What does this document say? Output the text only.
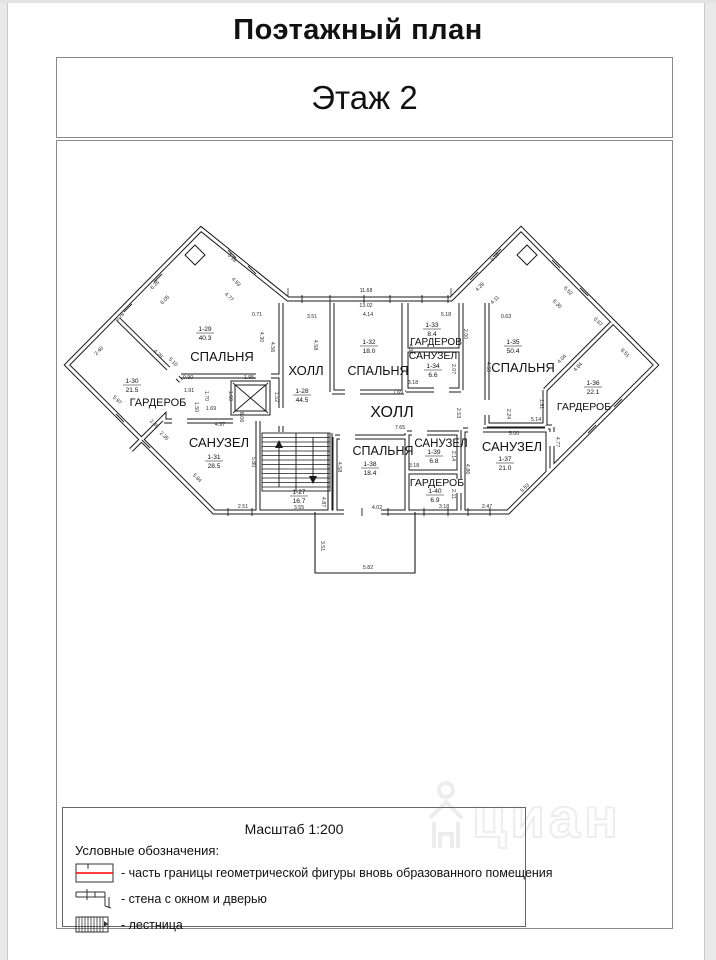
Поэтажный план
Этаж 2
циан
1-29
40.3
1-30
21.5
1-31
28.5
1-27
16.7
1-28
44.5
1-32
18.0
1-33
8.4
1-34
6.6
1-35
50.4
1-36
22.1
1-37
21.0
1-38
18.4
1-39
6.8
1-40
6.9
СПАЛЬНЯ
ГАРДЕРОБ
САНУЗЕЛ
ХОЛЛ
ХОЛЛ
СПАЛЬНЯ
ГАРДЕРОВ
САНУЗЕЛ
СПАЛЬНЯ
ГАРДЕРОБ
САНУЗЕЛ
СПАЛЬНЯ САНУЗЕЛ
ГАРДЕРОБ
11.68
13.02
4.14
3.51
0.71
5.18
4.93
4.77
6.26
6.05
0.78
2.40	4.28
5.10
5.97
2.45
2.35
5.84
0.90
1.91 1.70
1.50 1.69
4.97
1.95
1.60	1.52
6.06
4.30
4.56	4.58
5.80
2.51
4.34
5.18	0.63
2.00
2.07
3.18
4.60
5.18
4.28
4.11
6.52
6.30
0.67
8.51
4.04
4.84
1.91
5.14
5.00
4.77
7.69
7.65
2.53	2.24
4.87
3.55
4.58
4.02
2.14
2.11
3.18
3.18
4.86
2.47
5.53
3.51
5.82
Масштаб 1:200
Условные обозначения:
- часть границы геометрической фигуры вновь образованного помещения
- стена с окном и дверью
- лестница
